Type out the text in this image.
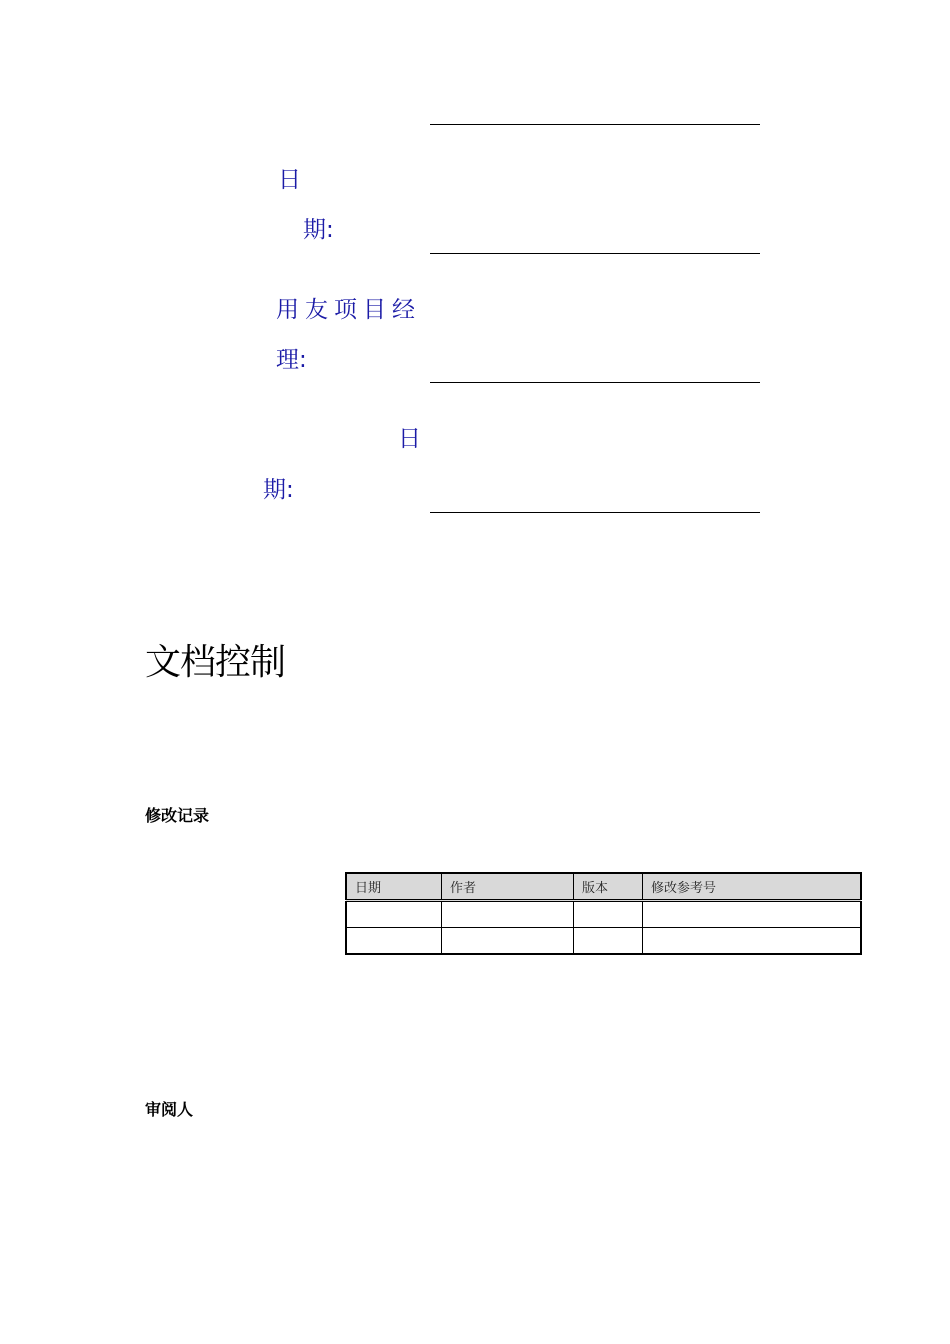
日
期:
用友项目经
理:
日
期:
文档控制
修改记录
日期	作者	版本	修改参考号

审阅人
